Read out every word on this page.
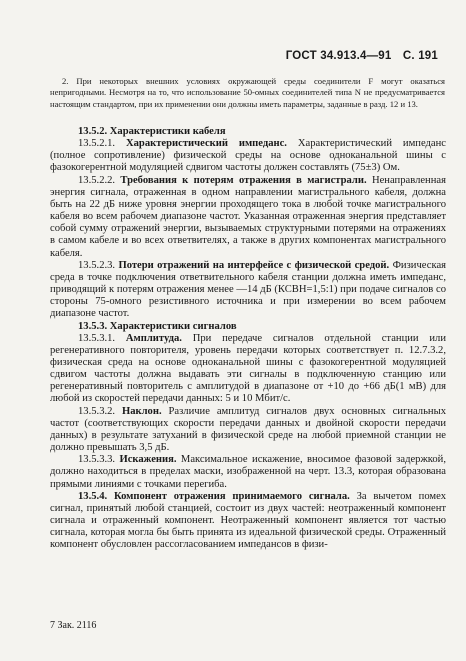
ГОСТ 34.913.4—91 С. 191
2. При некоторых внешних условиях окружающей среды соединители F могут оказаться непригодными. Несмотря на то, что использование 50-омных соединителей типа N не предусматривается настоящим стандартом, при их применении они должны иметь параметры, заданные в разд. 12 и 13.

13.5.2. Характеристики кабеля

13.5.2.1. Характеристический импеданс. Характеристический импеданс (полное сопротивление) физической среды на основе одноканальной шины с фазокогерентной модуляцией сдвигом частоты должен составлять (75±3) Ом.

13.5.2.2. Требования к потерям отражения в магистрали. Ненаправленная энергия сигнала, отраженная в одном направлении магистрального кабеля, должна быть на 22 дБ ниже уровня энергии проходящего тока в любой точке магистрального кабеля во всем рабочем диапазоне частот. Указанная отраженная энергия представляет собой сумму отражений энергии, вызываемых структурными потерями на отражениях в самом кабеле и во всех ответвителях, а также в других компонентах магистрального кабеля.

13.5.2.3. Потери отражений на интерфейсе с физической средой. Физическая среда в точке подключения ответвительного кабеля станции должна иметь импеданс, приводящий к потерям отражения менее —14 дБ (КСВН=1,5:1) при подаче сигналов со стороны 75-омного резистивного источника и при измерении во всем рабочем диапазоне частот.

13.5.3. Характеристики сигналов

13.5.3.1. Амплитуда. При передаче сигналов отдельной станции или регенеративного повторителя, уровень передачи которых соответствует п. 12.7.3.2, физическая среда на основе одноканальной шины с фазокогерентной модуляцией сдвигом частоты должна выдавать эти сигналы в подключенную станцию или регенеративный повторитель с амплитудой в диапазоне от +10 до +66 дБ(1 мВ) для любой из скоростей передачи данных: 5 и 10 Мбит/с.

13.5.3.2. Наклон. Различие амплитуд сигналов двух основных сигнальных частот (соответствующих скорости передачи данных и двойной скорости передачи данных) в результате затуханий в физической среде на любой приемной станции не должно превышать 3,5 дБ.

13.5.3.3. Искажения. Максимальное искажение, вносимое фазовой задержкой, должно находиться в пределах маски, изображенной на черт. 13.3, которая образована прямыми линиями с точками перегиба.

13.5.4. Компонент отражения принимаемого сигнала. За вычетом помех сигнал, принятый любой станцией, состоит из двух частей: неотраженный компонент сигнала и отраженный компонент. Неотраженный компонент является тот частью сигнала, которая могла бы быть принята из идеальной физической среды. Отраженный компонент обусловлен рассогласованием импедансов в физи-

7 Зак. 2116
